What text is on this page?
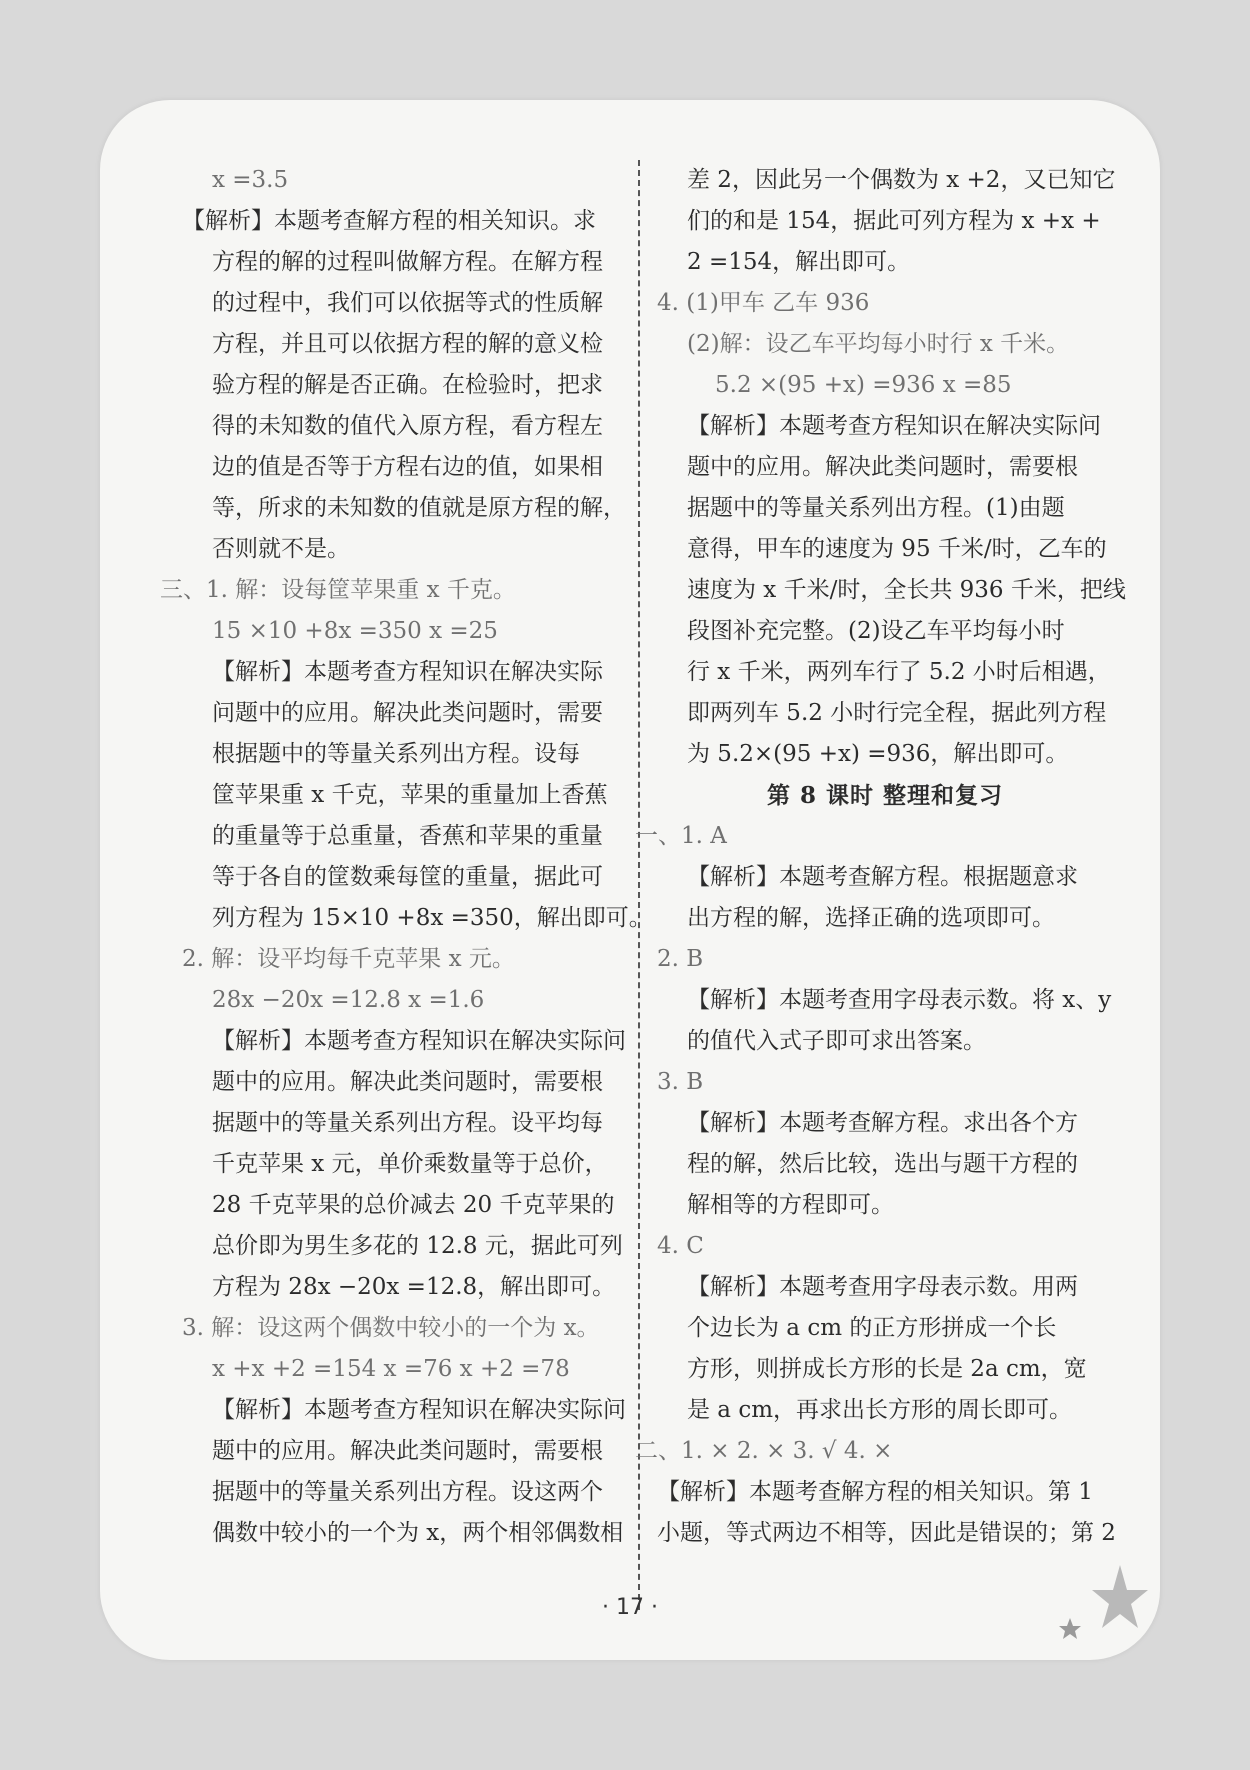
x =3.5
【解析】本题考查解方程的相关知识。求
方程的解的过程叫做解方程。在解方程
的过程中，我们可以依据等式的性质解
方程，并且可以依据方程的解的意义检
验方程的解是否正确。在检验时，把求
得的未知数的值代入原方程，看方程左
边的值是否等于方程右边的值，如果相
等，所求的未知数的值就是原方程的解，
否则就不是。
三、1. 解：设每筐苹果重 x 千克。
15 ×10 +8x =350 x =25
【解析】本题考查方程知识在解决实际
问题中的应用。解决此类问题时，需要
根据题中的等量关系列出方程。设每
筐苹果重 x 千克，苹果的重量加上香蕉
的重量等于总重量，香蕉和苹果的重量
等于各自的筐数乘每筐的重量，据此可
列方程为 15×10 +8x =350，解出即可。
2. 解：设平均每千克苹果 x 元。
28x −20x =12.8 x =1.6
【解析】本题考查方程知识在解决实际问
题中的应用。解决此类问题时，需要根
据题中的等量关系列出方程。设平均每
千克苹果 x 元，单价乘数量等于总价，
28 千克苹果的总价减去 20 千克苹果的
总价即为男生多花的 12.8 元，据此可列
方程为 28x −20x =12.8，解出即可。
3. 解：设这两个偶数中较小的一个为 x。
x +x +2 =154 x =76 x +2 =78
【解析】本题考查方程知识在解决实际问
题中的应用。解决此类问题时，需要根
据题中的等量关系列出方程。设这两个
偶数中较小的一个为 x，两个相邻偶数相
差 2，因此另一个偶数为 x +2，又已知它
们的和是 154，据此可列方程为 x +x +
2 =154，解出即可。
4. (1)甲车 乙车 936
(2)解：设乙车平均每小时行 x 千米。
5.2 ×(95 +x) =936 x =85
【解析】本题考查方程知识在解决实际问
题中的应用。解决此类问题时，需要根
据题中的等量关系列出方程。(1)由题
意得，甲车的速度为 95 千米/时，乙车的
速度为 x 千米/时，全长共 936 千米，把线
段图补充完整。(2)设乙车平均每小时
行 x 千米，两列车行了 5.2 小时后相遇，
即两列车 5.2 小时行完全程，据此列方程
为 5.2×(95 +x) =936，解出即可。
第 8 课时 整理和复习
一、1. A
【解析】本题考查解方程。根据题意求
出方程的解，选择正确的选项即可。
2. B
【解析】本题考查用字母表示数。将 x、y
的值代入式子即可求出答案。
3. B
【解析】本题考查解方程。求出各个方
程的解，然后比较，选出与题干方程的
解相等的方程即可。
4. C
【解析】本题考查用字母表示数。用两
个边长为 a cm 的正方形拼成一个长
方形，则拼成长方形的长是 2a cm，宽
是 a cm，再求出长方形的周长即可。
二、1. × 2. × 3. √ 4. ×
【解析】本题考查解方程的相关知识。第 1
小题，等式两边不相等，因此是错误的；第 2
· 17 ·
